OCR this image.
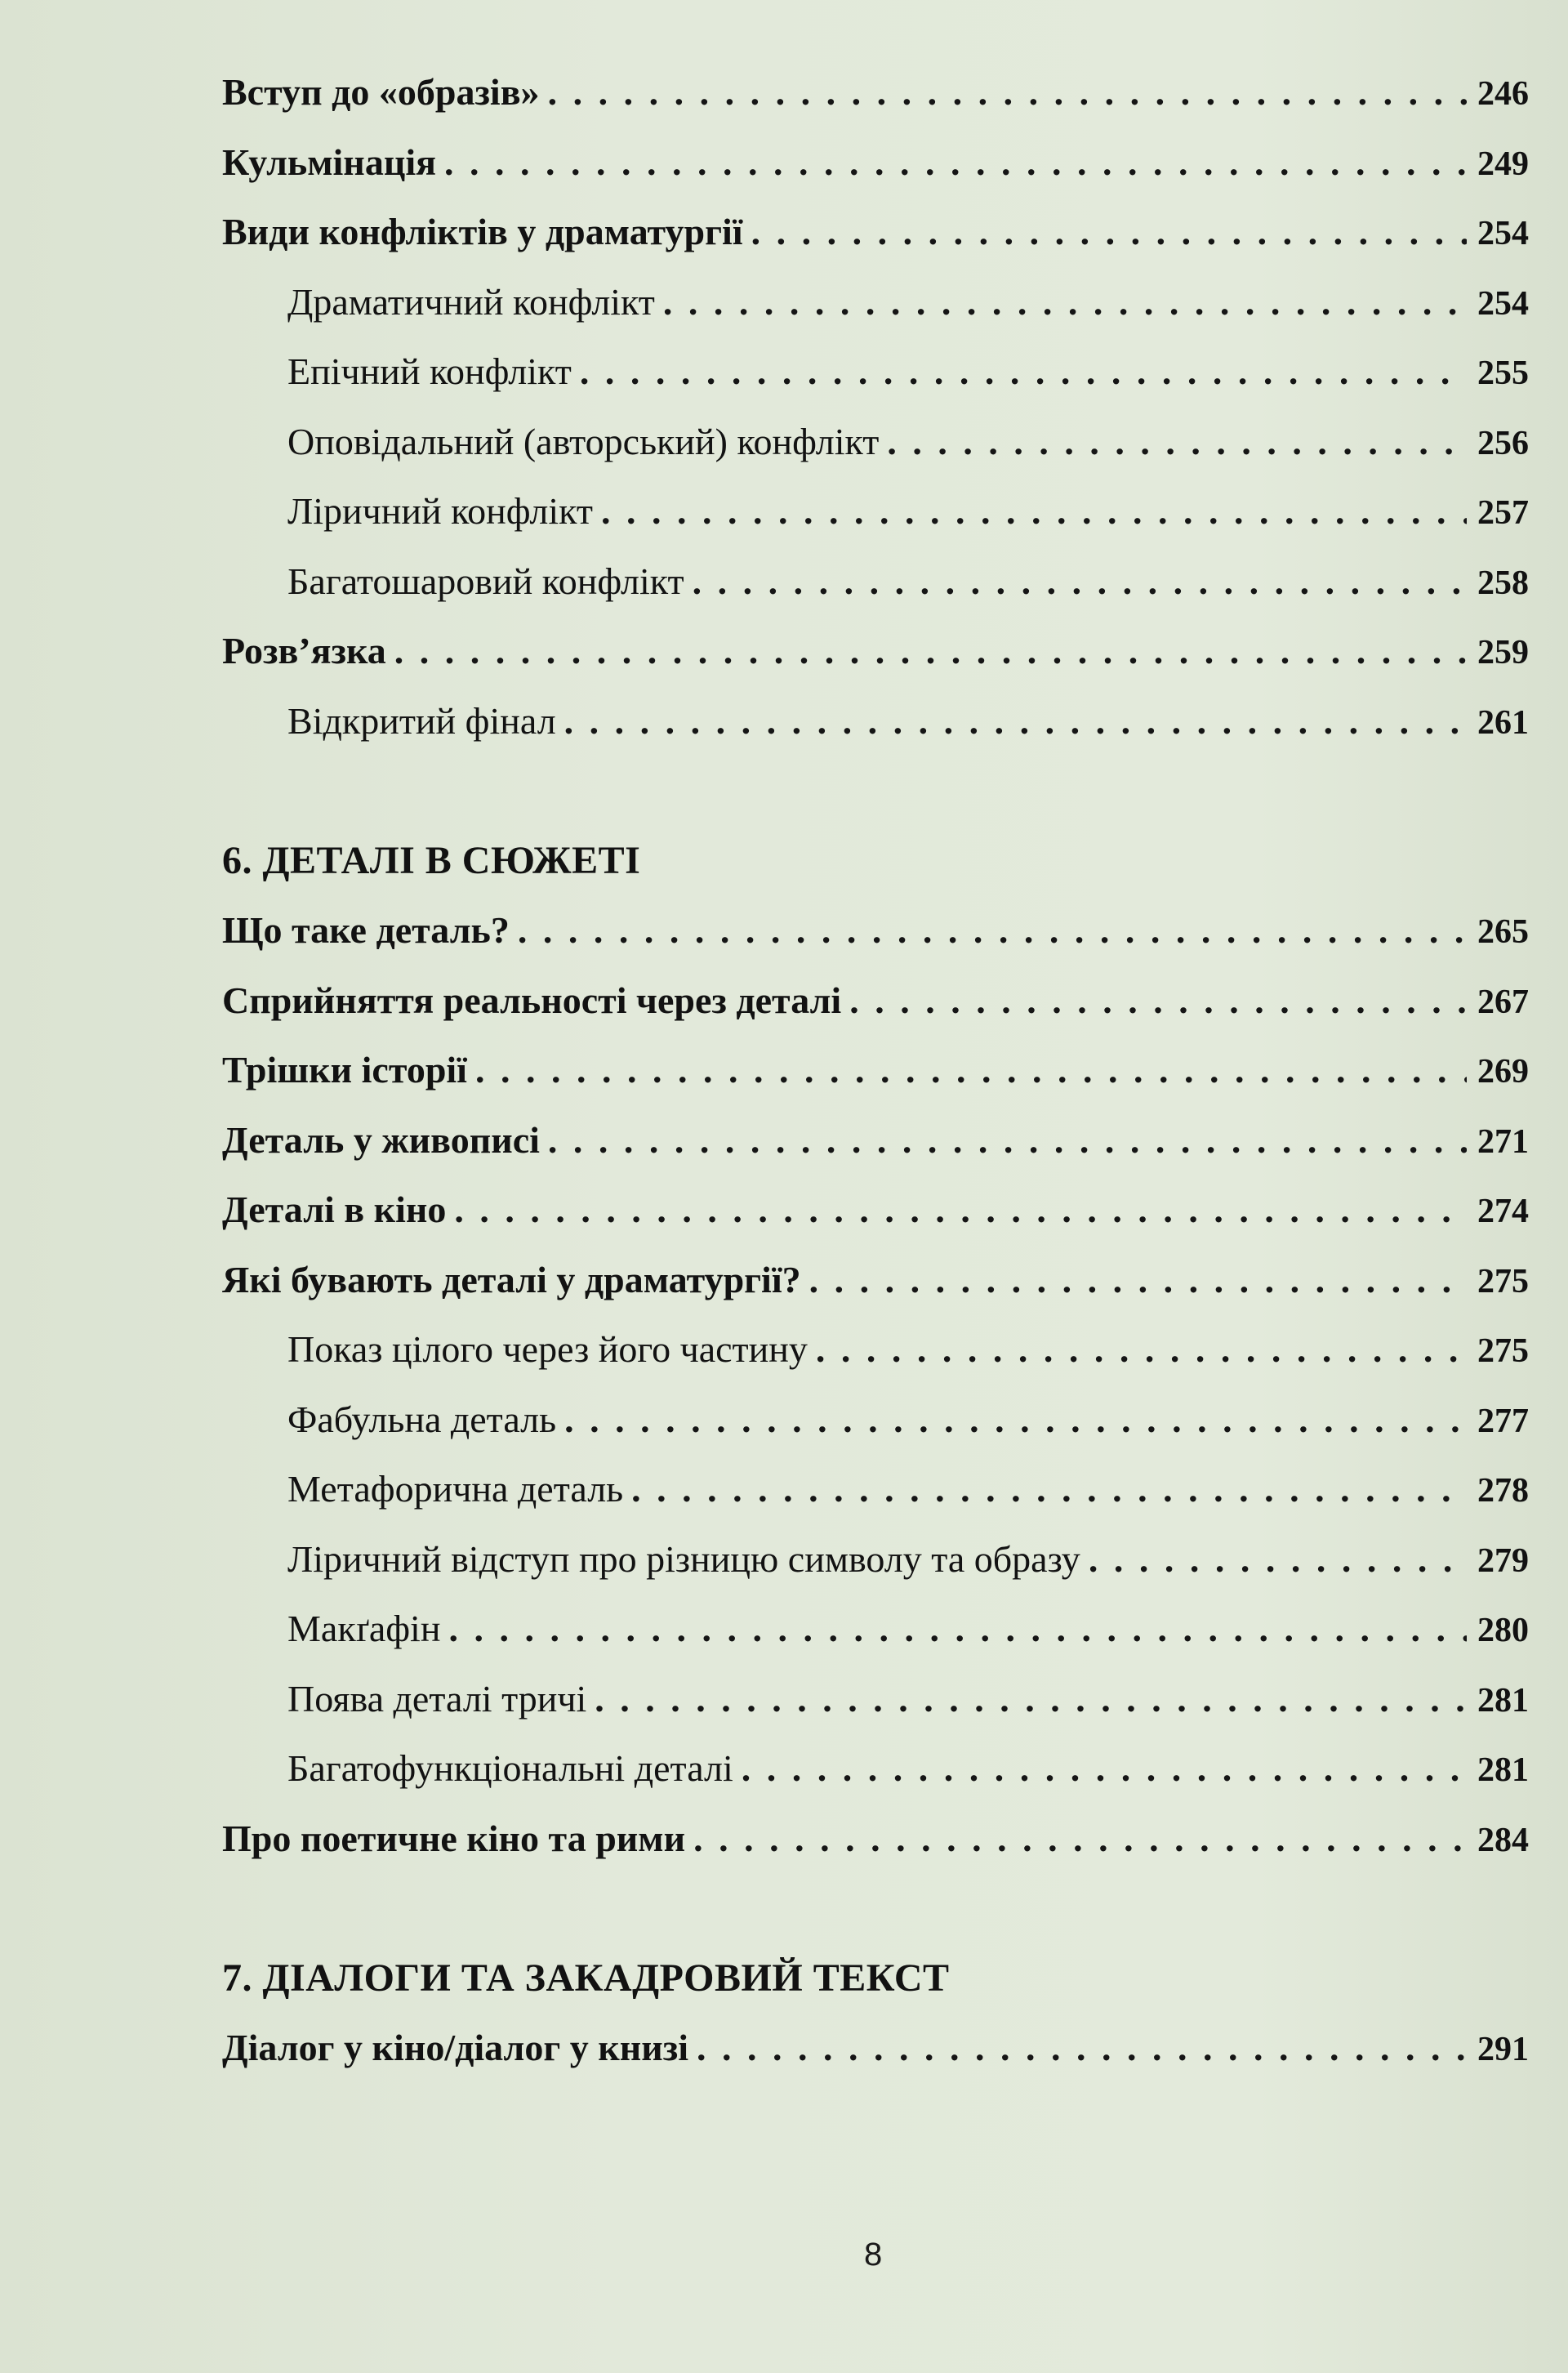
Вступ до «образів» . . .	246
Кульмінація . . .	249
Види конфліктів у драматургії . . .	254
Драматичний конфлікт . . .	254
Епічний конфлікт . . .	255
Оповідальний (авторський) конфлікт . . .	256
Ліричний конфлікт . . .	257
Багатошаровий конфлікт . . .	258
Розв’язка . . .	259
Відкритий фінал . . .	261
6. ДЕТАЛІ В СЮЖЕТІ
Що таке деталь? . . .	265
Сприйняття реальності через деталі . . .	267
Трішки історії . . .	269
Деталь у живописі . . .	271
Деталі в кіно . . .	274
Які бувають деталі у драматургії? . . .	275
Показ цілого через його частину . . .	275
Фабульна деталь . . .	277
Метафорична деталь . . .	278
Ліричний відступ про різницю символу та образу . . .	279
Макґафін . . .	280
Поява деталі тричі . . .	281
Багатофункціональні деталі . . .	281
Про поетичне кіно та рими . . .	284
7. ДІАЛОГИ ТА ЗАКАДРОВИЙ ТЕКСТ
Діалог у кіно/діалог у книзі . . .	291
8
